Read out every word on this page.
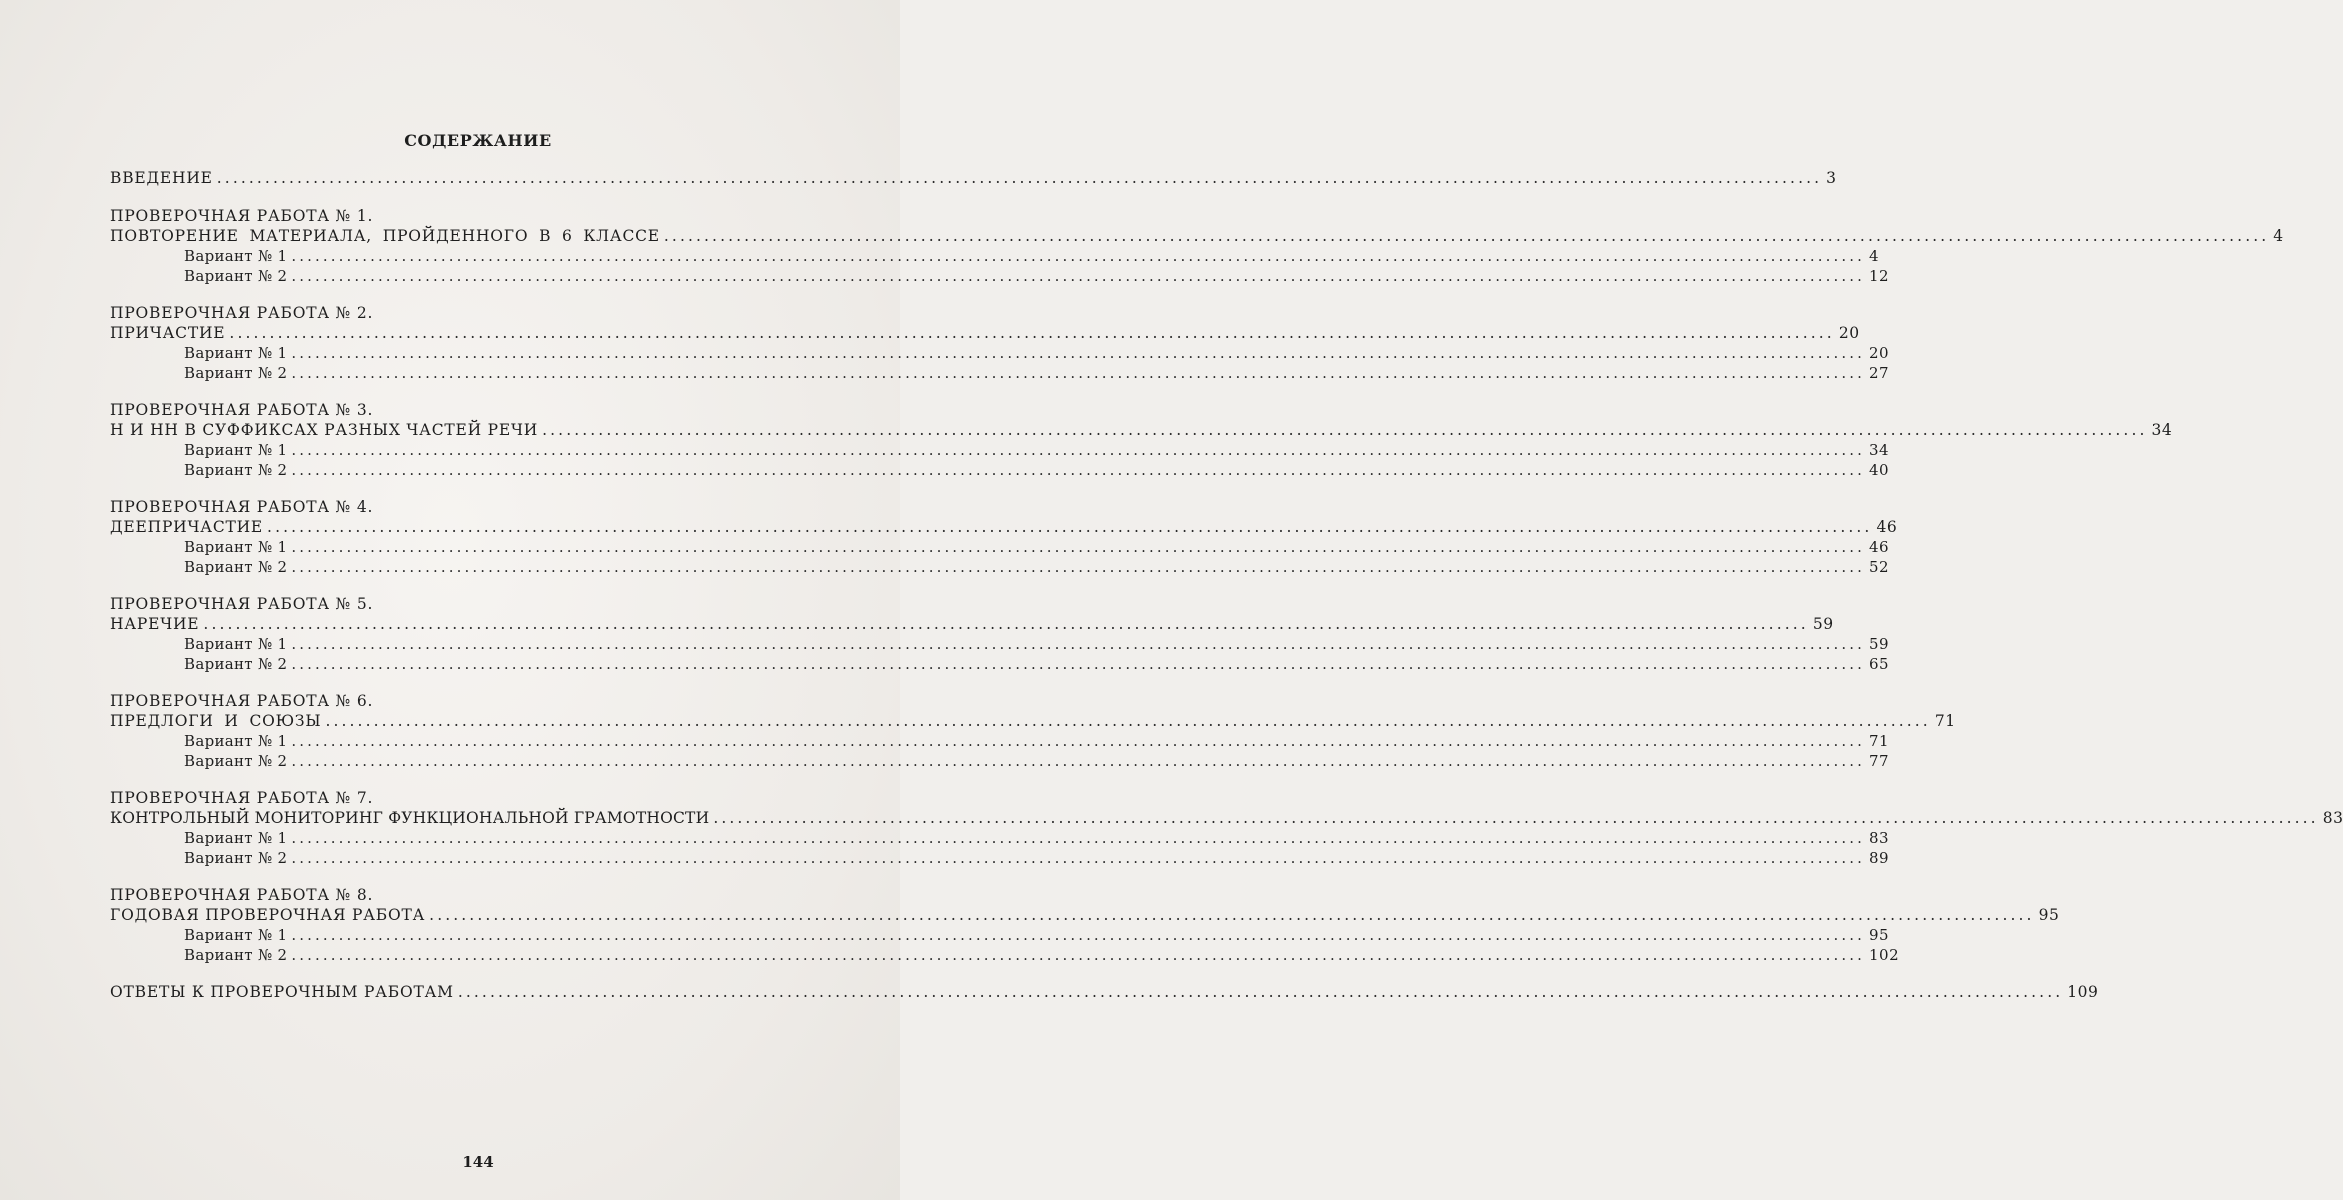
СОДЕРЖАНИЕ
ВВЕДЕНИЕ ........................................................................................................................................................................................................ 3
ПРОВЕРОЧНАЯ РАБОТА № 1.
ПОВТОРЕНИЕ МАТЕРИАЛА, ПРОЙДЕННОГО В 6 КЛАССЕ ........................................................................................................................................................................................................ 4
Вариант № 1 ........................................................................................................................................................................................................ 4
Вариант № 2 ........................................................................................................................................................................................................ 12
ПРОВЕРОЧНАЯ РАБОТА № 2.
ПРИЧАСТИЕ ........................................................................................................................................................................................................ 20
Вариант № 1 ........................................................................................................................................................................................................ 20
Вариант № 2 ........................................................................................................................................................................................................ 27
ПРОВЕРОЧНАЯ РАБОТА № 3.
Н И НН В СУФФИКСАХ РАЗНЫХ ЧАСТЕЙ РЕЧИ ........................................................................................................................................................................................................ 34
Вариант № 1 ........................................................................................................................................................................................................ 34
Вариант № 2 ........................................................................................................................................................................................................ 40
ПРОВЕРОЧНАЯ РАБОТА № 4.
ДЕЕПРИЧАСТИЕ ........................................................................................................................................................................................................ 46
Вариант № 1 ........................................................................................................................................................................................................ 46
Вариант № 2 ........................................................................................................................................................................................................ 52
ПРОВЕРОЧНАЯ РАБОТА № 5.
НАРЕЧИЕ ........................................................................................................................................................................................................ 59
Вариант № 1 ........................................................................................................................................................................................................ 59
Вариант № 2 ........................................................................................................................................................................................................ 65
ПРОВЕРОЧНАЯ РАБОТА № 6.
ПРЕДЛОГИ И СОЮЗЫ ........................................................................................................................................................................................................ 71
Вариант № 1 ........................................................................................................................................................................................................ 71
Вариант № 2 ........................................................................................................................................................................................................ 77
ПРОВЕРОЧНАЯ РАБОТА № 7.
КОНТРОЛЬНЫЙ МОНИТОРИНГ ФУНКЦИОНАЛЬНОЙ ГРАМОТНОСТИ ........................................................................................................................................................................................................ 83
Вариант № 1 ........................................................................................................................................................................................................ 83
Вариант № 2 ........................................................................................................................................................................................................ 89
ПРОВЕРОЧНАЯ РАБОТА № 8.
ГОДОВАЯ ПРОВЕРОЧНАЯ РАБОТА ........................................................................................................................................................................................................ 95
Вариант № 1 ........................................................................................................................................................................................................ 95
Вариант № 2 ........................................................................................................................................................................................................ 102
ОТВЕТЫ К ПРОВЕРОЧНЫМ РАБОТАМ ........................................................................................................................................................................................................ 109
144
